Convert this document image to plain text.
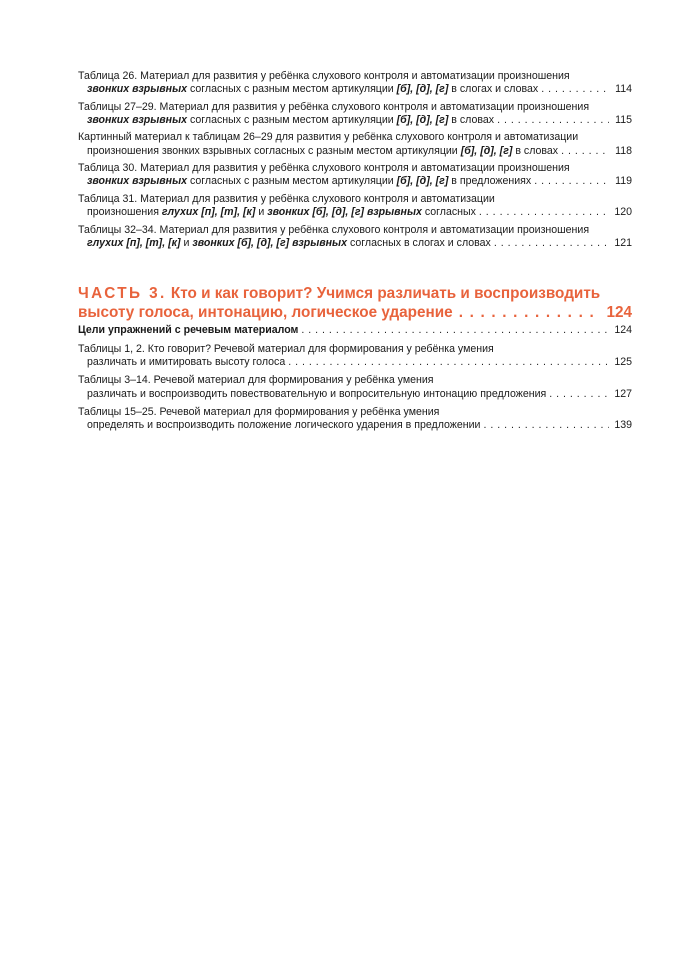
Таблица 26. Материал для развития у ребёнка слухового контроля и автоматизации произношения
звонких взрывных согласных с разным местом артикуляции [б], [д], [г] в слогах и словах . . .	114
Таблицы 27–29. Материал для развития у ребёнка слухового контроля и автоматизации произношения
звонких взрывных согласных с разным местом артикуляции [б], [д], [г] в словах . . .	115
Картинный материал к таблицам 26–29 для развития у ребёнка слухового контроля и автоматизации
произношения звонких взрывных согласных с разным местом артикуляции [б], [д], [г] в словах . . .	118
Таблица 30. Материал для развития у ребёнка слухового контроля и автоматизации произношения
звонких взрывных согласных с разным местом артикуляции [б], [д], [г] в предложениях . . .	119
Таблица 31. Материал для развития у ребёнка слухового контроля и автоматизации
произношения глухих [п], [т], [к] и звонких [б], [д], [г] взрывных согласных . . .	120
Таблицы 32–34. Материал для развития у ребёнка слухового контроля и автоматизации произношения
глухих [п], [т], [к] и звонких [б], [д], [г] взрывных согласных в слогах и словах . . .	121
ЧАСТЬ 3. Кто и как говорит? Учимся различать и воспроизводить
высоту голоса, интонацию, логическое ударение . . .	124
Цели упражнений с речевым материалом . . .	124
Таблицы 1, 2. Кто говорит? Речевой материал для формирования у ребёнка умения
различать и имитировать высоту голоса . . .	125
Таблицы 3–14. Речевой материал для формирования у ребёнка умения
различать и воспроизводить повествовательную и вопросительную интонацию предложения . . .	127
Таблицы 15–25. Речевой материал для формирования у ребёнка умения
определять и воспроизводить положение логического ударения в предложении . . .	139
